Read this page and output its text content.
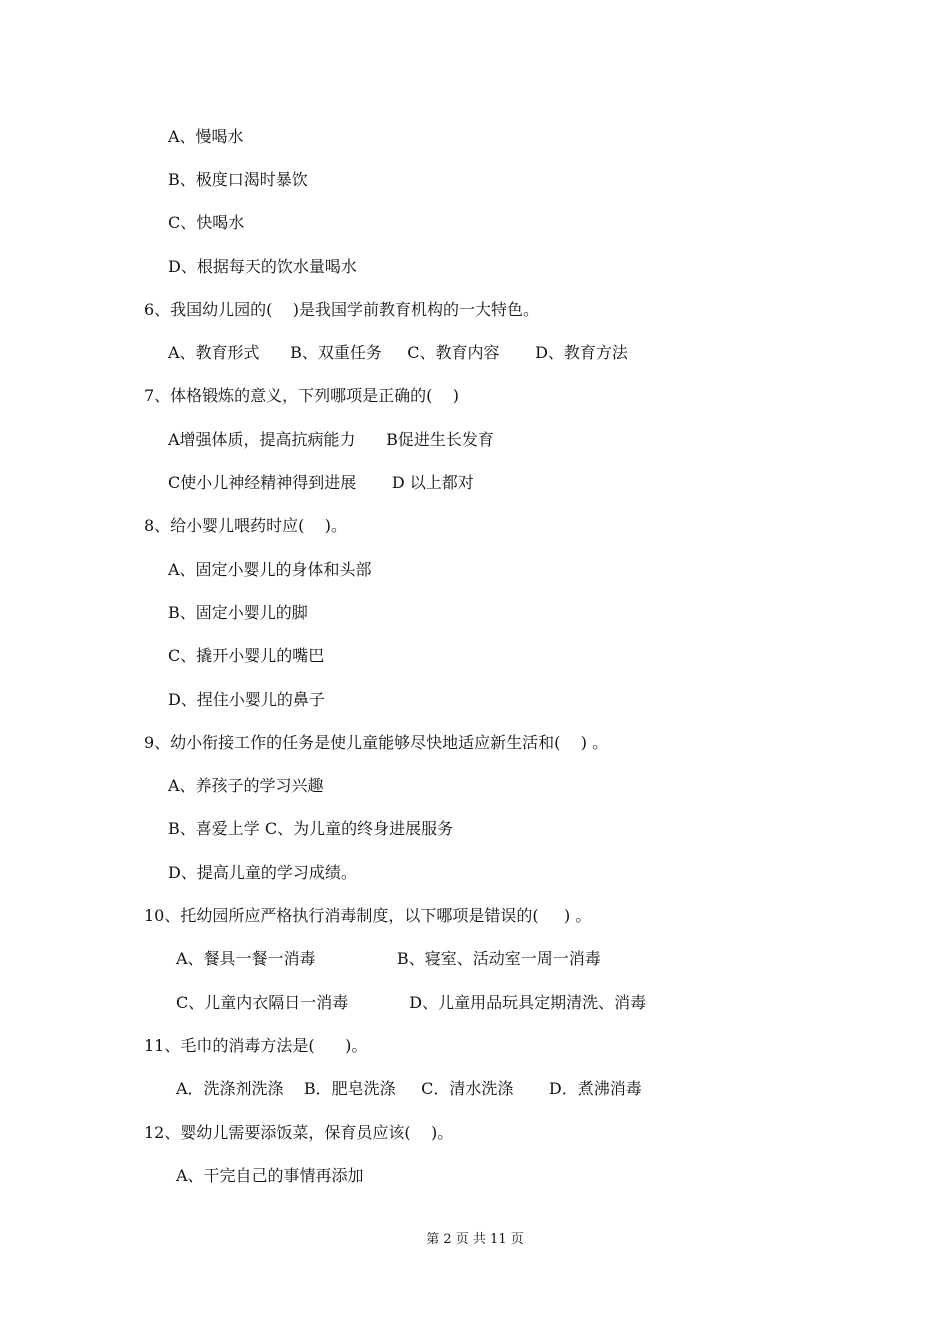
A、慢喝水
B、极度口渴时暴饮
C、快喝水
D、根据每天的饮水量喝水
6、我国幼儿园的(    )是我国学前教育机构的一大特色。
A、教育形式      B、双重任务     C、教育内容       D、教育方法
7、体格锻炼的意义，下列哪项是正确的(    )
A增强体质，提高抗病能力      B促进生长发育
C使小儿神经精神得到进展       D 以上都对
8、给小婴儿喂药时应(    )。
A、固定小婴儿的身体和头部
B、固定小婴儿的脚
C、撬开小婴儿的嘴巴
D、捏住小婴儿的鼻子
9、幼小衔接工作的任务是使儿童能够尽快地适应新生活和(    ) 。
A、养孩子的学习兴趣
B、喜爱上学 C、为儿童的终身进展服务
D、提高儿童的学习成绩。
10、托幼园所应严格执行消毒制度，以下哪项是错误的(     ) 。
A、餐具一餐一消毒                B、寝室、活动室一周一消毒
C、儿童内衣隔日一消毒            D、儿童用品玩具定期清洗、消毒
11、毛巾的消毒方法是(      )。
A．洗涤剂洗涤    B．肥皂洗涤     C．清水洗涤       D．煮沸消毒
12、婴幼儿需要添饭菜，保育员应该(    )。
A、干完自己的事情再添加
第 2 页 共 11 页
